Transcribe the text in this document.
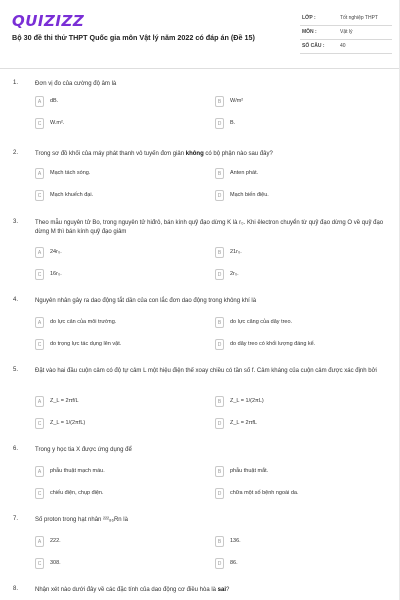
QUIZIZZ
Bộ 30 đề thi thử THPT Quốc gia môn Vật lý năm 2022 có đáp án (Đề 15)
LỚP :	Tốt nghiệp THPT
MÔN :	Vật lý
SỐ CÂU :	40
1.	Đơn vị đo của cường độ âm là
A	dB.	B	W/m²
C	W.m².	D	B.
2.	Trong sơ đồ khối của máy phát thanh vô tuyến đơn giản không có bộ phận nào sau đây?
A	Mạch tách sóng.	B	Anten phát.
C	Mạch khuếch đại.	D	Mạch biến điệu.
3.	Theo mẫu nguyên tử Bo, trong nguyên tử hiđrô, bán kính quỹ đạo dừng K là r₀. Khi êlectron chuyển từ quỹ đạo dừng O về quỹ đạo dừng M thì bán kính quỹ đạo giảm
A	24r₀.	B	21r₀.
C	16r₀.	D	2r₀.
4.	Nguyên nhân gây ra dao động tắt dần của con lắc đơn dao động trong không khí là
A	do lực cản của môi trường.	B	do lực căng của dây treo.
C	do trọng lực tác dụng lên vật.	D	do dây treo có khối lượng đáng kể.
5.	Đặt vào hai đầu cuộn cảm có độ tự cảm L một hiệu điện thế xoay chiều có tần số f. Cảm kháng của cuộn cảm được xác định bởi
A	Z_L = 2πf/L	B	Z_L = 1/(2πL)
C	Z_L = 1/(2πfL)	D	Z_L = 2πfL
6.	Trong y học tia X được ứng dụng để
A	phẫu thuật mạch máu.	B	phẫu thuật mắt.
C	chiếu điện, chụp điện.	D	chữa một số bệnh ngoài da.
7.	Số proton trong hạt nhân ²²²₈₆Rn là
A	222.	B	136.
C	308.	D	86.
8.	Nhận xét nào dưới đây về các đặc tính của dao động cơ điều hòa là sai?
